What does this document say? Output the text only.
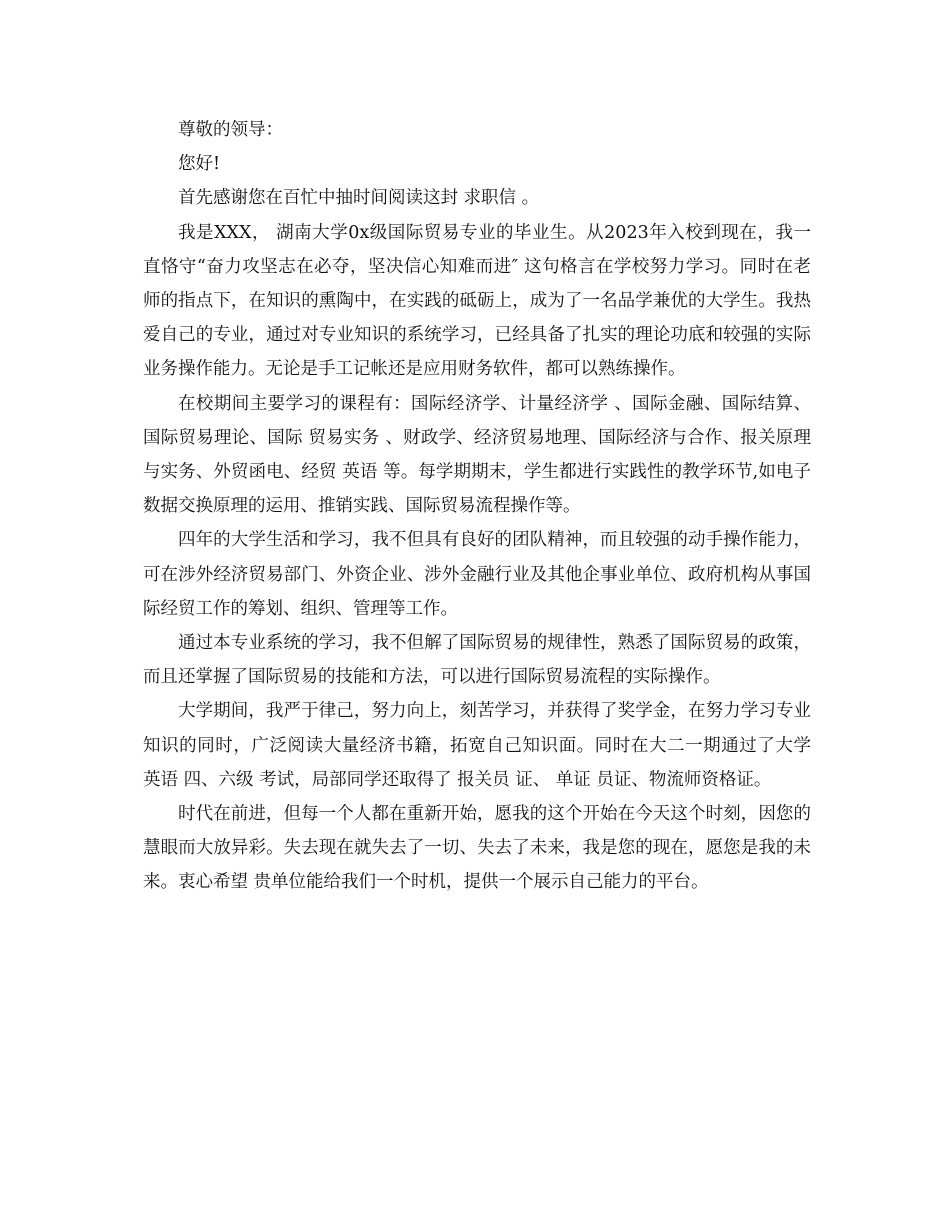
尊敬的领导：

您好!

首先感谢您在百忙中抽时间阅读这封 求职信 。

我是XXX， 湖南大学0x级国际贸易专业的毕业生。从2023年入校到现在，我一直恪守“奋力攻坚志在必夺，坚决信心知难而进″ 这句格言在学校努力学习。同时在老师的指点下，在知识的熏陶中，在实践的砥砺上，成为了一名品学兼优的大学生。我热爱自己的专业，通过对专业知识的系统学习，已经具备了扎实的理论功底和较强的实际业务操作能力。无论是手工记帐还是应用财务软件，都可以熟练操作。

在校期间主要学习的课程有：国际经济学、计量经济学 、国际金融、国际结算、国际贸易理论、国际 贸易实务 、财政学、经济贸易地理、国际经济与合作、报关原理与实务、外贸函电、经贸 英语 等。每学期期末，学生都进行实践性的教学环节,如电子数据交换原理的运用、推销实践、国际贸易流程操作等。

四年的大学生活和学习，我不但具有良好的团队精神，而且较强的动手操作能力，可在涉外经济贸易部门、外资企业、涉外金融行业及其他企事业单位、政府机构从事国际经贸工作的筹划、组织、管理等工作。

通过本专业系统的学习，我不但解了国际贸易的规律性，熟悉了国际贸易的政策，而且还掌握了国际贸易的技能和方法，可以进行国际贸易流程的实际操作。

大学期间，我严于律己，努力向上，刻苦学习，并获得了奖学金，在努力学习专业知识的同时，广泛阅读大量经济书籍，拓宽自己知识面。同时在大二一期通过了大学 英语 四、六级 考试，局部同学还取得了 报关员 证、 单证 员证、物流师资格证。

时代在前进，但每一个人都在重新开始，愿我的这个开始在今天这个时刻，因您的慧眼而大放异彩。失去现在就失去了一切、失去了未来，我是您的现在，愿您是我的未来。衷心希望 贵单位能给我们一个时机，提供一个展示自己能力的平台。
